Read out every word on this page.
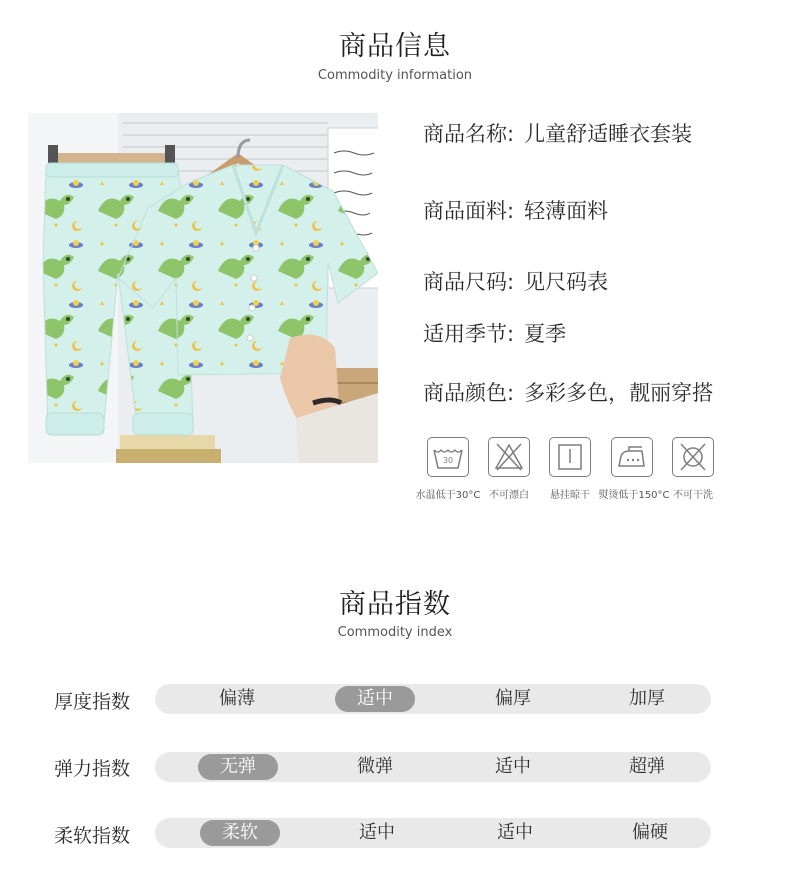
商品信息
Commodity information
商品名称: 儿童舒适睡衣套装
商品面料: 轻薄面料
商品尺码: 见尺码表
适用季节: 夏季
商品颜色: 多彩多色，靓丽穿搭
30
水温低于30°C 不可漂白	悬挂晾干 熨烫低于150°C 不可干洗
商品指数
Commodity index
厚度指数	偏薄	适中	偏厚	加厚
弹力指数	无弹	微弹	适中	超弹
柔软指数	柔软	适中	适中	偏硬
